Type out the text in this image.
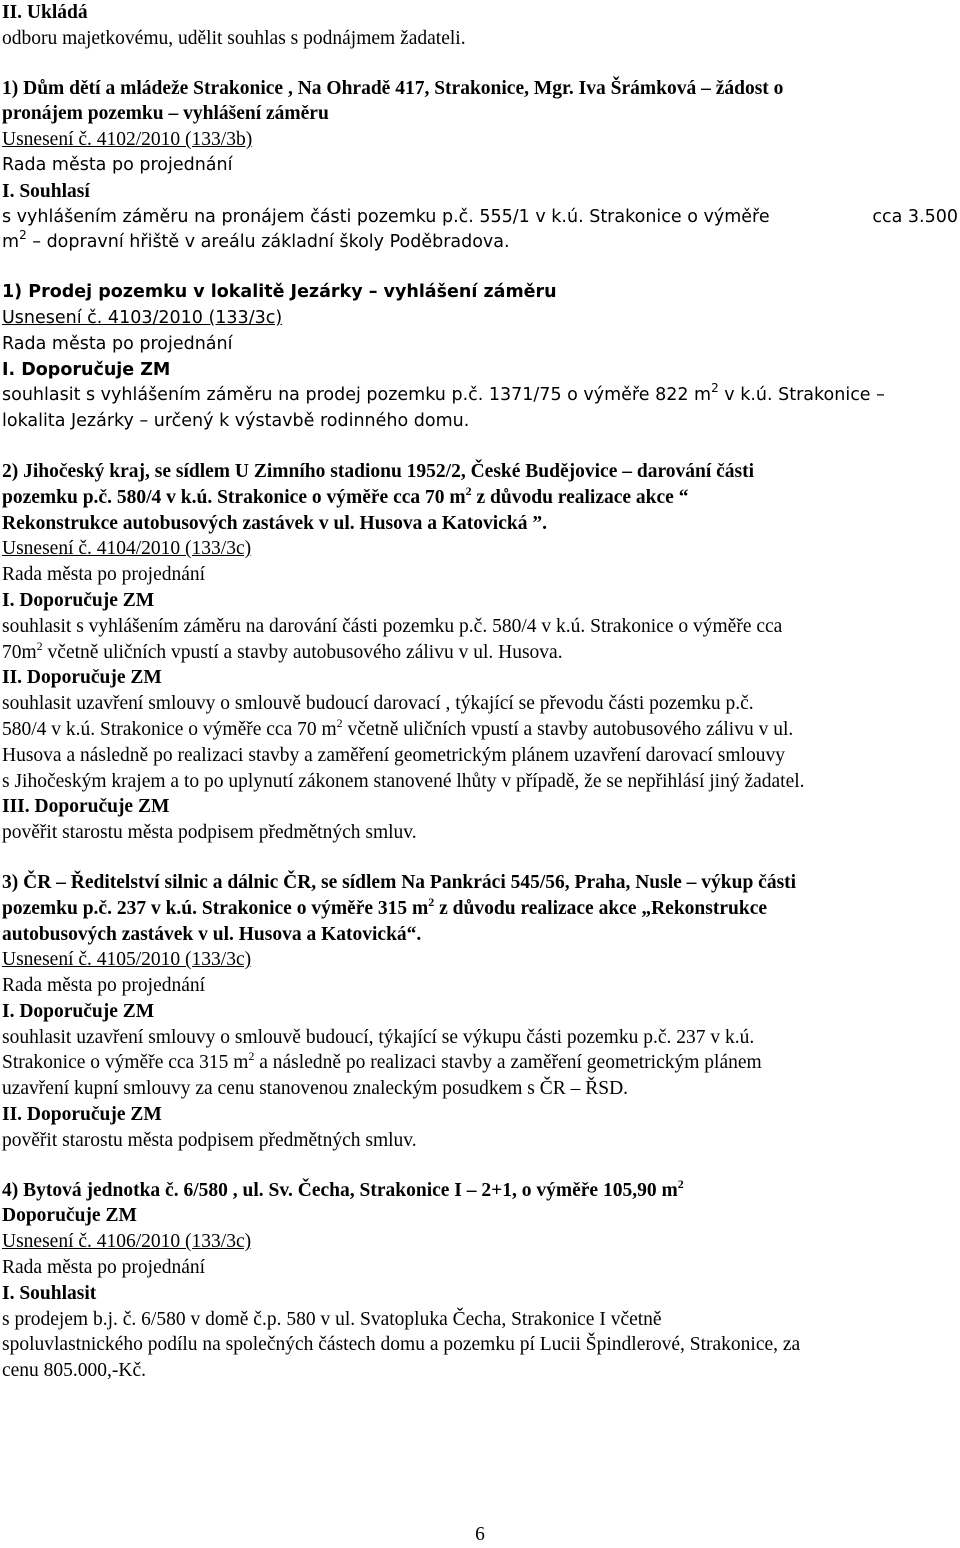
II. Ukládá
odboru majetkovému, udělit souhlas s podnájmem žadateli.
1) Dům dětí a mládeže Strakonice , Na Ohradě 417, Strakonice, Mgr. Iva Šrámková – žádost o
pronájem pozemku – vyhlášení záměru
Usnesení č. 4102/2010 (133/3b)
Rada města po projednání
I. Souhlasí
s vyhlášením záměru na pronájem části pozemku p.č. 555/1 v k.ú. Strakonice o výměře	cca 3.500
$m^2$ – dopravní hřiště v areálu základní školy Poděbradova.
1) Prodej pozemku v lokalitě Jezárky – vyhlášení záměru
Usnesení č. 4103/2010 (133/3c)
Rada města po projednání
I. Doporučuje ZM
souhlasit s vyhlášením záměru na prodej pozemku p.č. 1371/75 o výměře 822 $m^2$ v k.ú. Strakonice –
lokalita Jezárky – určený k výstavbě rodinného domu.
2) Jihočeský kraj, se sídlem U Zimního stadionu 1952/2, České Budějovice – darování části
pozemku p.č. 580/4 v k.ú. Strakonice o výměře cca 70 $m^2$ z důvodu realizace akce “
Rekonstrukce autobusových zastávek v ul. Husova a Katovická ”.
Usnesení č. 4104/2010 (133/3c)
Rada města po projednání
I. Doporučuje ZM
souhlasit s vyhlášením záměru na darování části pozemku p.č. 580/4 v k.ú. Strakonice o výměře cca
$70m^2$ včetně uličních vpustí a stavby autobusového zálivu v ul. Husova.
II. Doporučuje ZM
souhlasit uzavření smlouvy o smlouvě budoucí darovací , týkající se převodu části pozemku p.č.
580/4 v k.ú. Strakonice o výměře cca 70 $m^2$ včetně uličních vpustí a stavby autobusového zálivu v ul.
Husova a následně po realizaci stavby a zaměření geometrickým plánem uzavření darovací smlouvy
s Jihočeským krajem a to po uplynutí zákonem stanovené lhůty v případě, že se nepřihlásí jiný žadatel.
III. Doporučuje ZM
pověřit starostu města podpisem předmětných smluv.
3) ČR – Ředitelství silnic a dálnic ČR, se sídlem Na Pankráci 545/56, Praha, Nusle – výkup části
pozemku p.č. 237 v k.ú. Strakonice o výměře 315 $m^2$ z důvodu realizace akce „Rekonstrukce
autobusových zastávek v ul. Husova a Katovická“.
Usnesení č. 4105/2010 (133/3c)
Rada města po projednání
I. Doporučuje ZM
souhlasit uzavření smlouvy o smlouvě budoucí, týkající se výkupu části pozemku p.č. 237 v k.ú.
Strakonice o výměře cca 315 $m^2$ a následně po realizaci stavby a zaměření geometrickým plánem
uzavření kupní smlouvy za cenu stanovenou znaleckým posudkem s ČR – ŘSD.
II. Doporučuje ZM
pověřit starostu města podpisem předmětných smluv.
4) Bytová jednotka č. 6/580 , ul. Sv. Čecha, Strakonice I – 2+1, o výměře 105,90 $m^2$
Doporučuje ZM
Usnesení č. 4106/2010 (133/3c)
Rada města po projednání
I. Souhlasit
s prodejem b.j. č. 6/580 v domě č.p. 580 v ul. Svatopluka Čecha, Strakonice I včetně
spoluvlastnického podílu na společných částech domu a pozemku pí Lucii Špindlerové, Strakonice, za
cenu 805.000,-Kč.
6
